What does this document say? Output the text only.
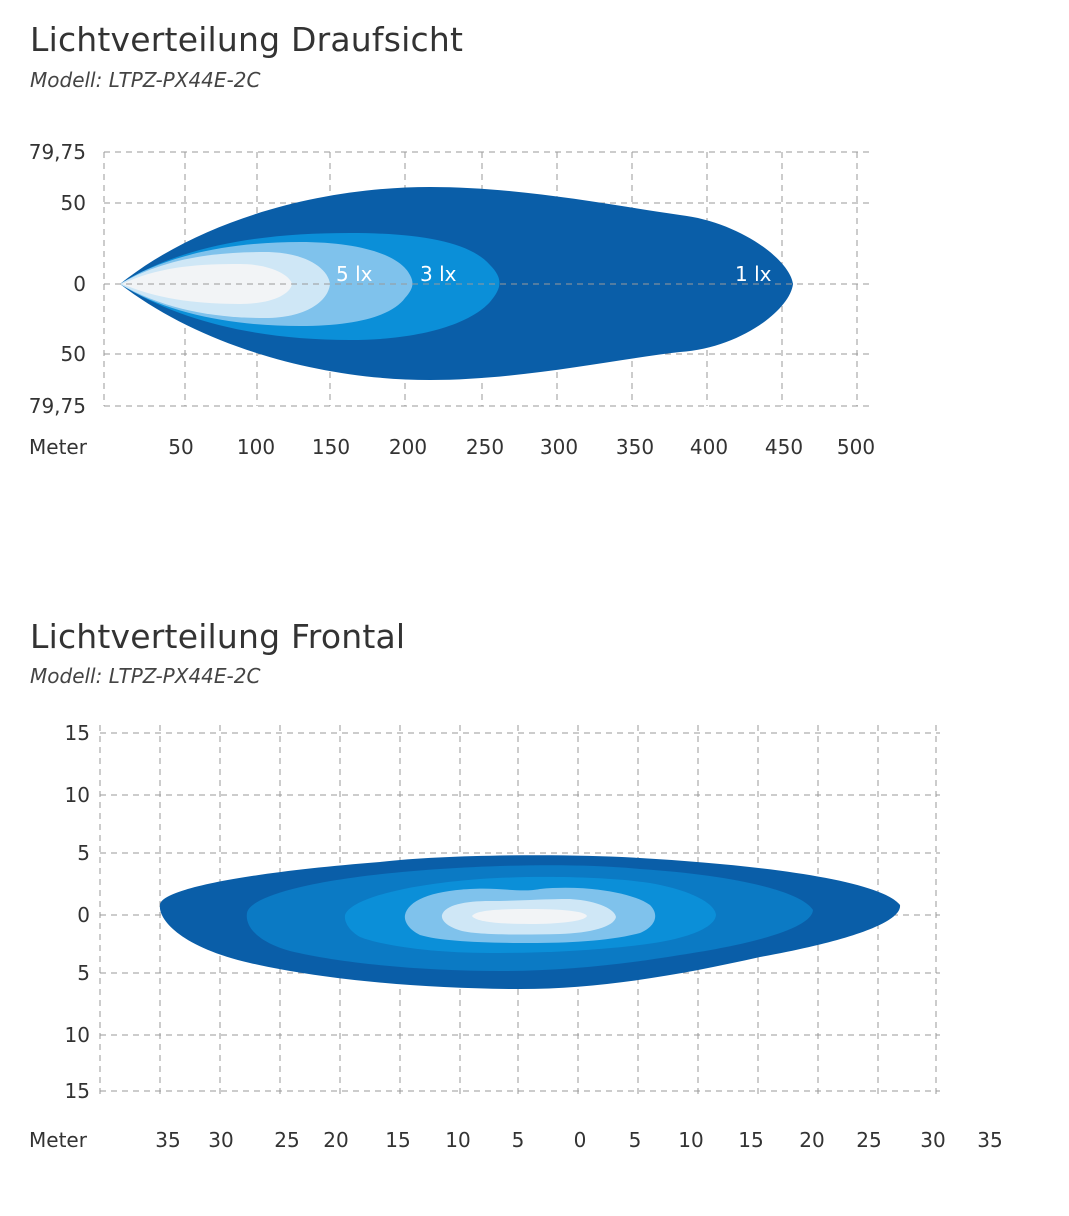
Lichtverteilung Draufsicht
Modell: LTPZ-PX44E-2C
5 lx 3 lx	1 lx
79,75
50
0
50
79,75
Meter	50 100 150 200 250 300 350 400 450 500
Lichtverteilung Frontal
Modell: LTPZ-PX44E-2C
15
10
5
0
5
10
15
Meter	35 30 25 20 15 10 5 0 5 10 15 20 25 30 35
